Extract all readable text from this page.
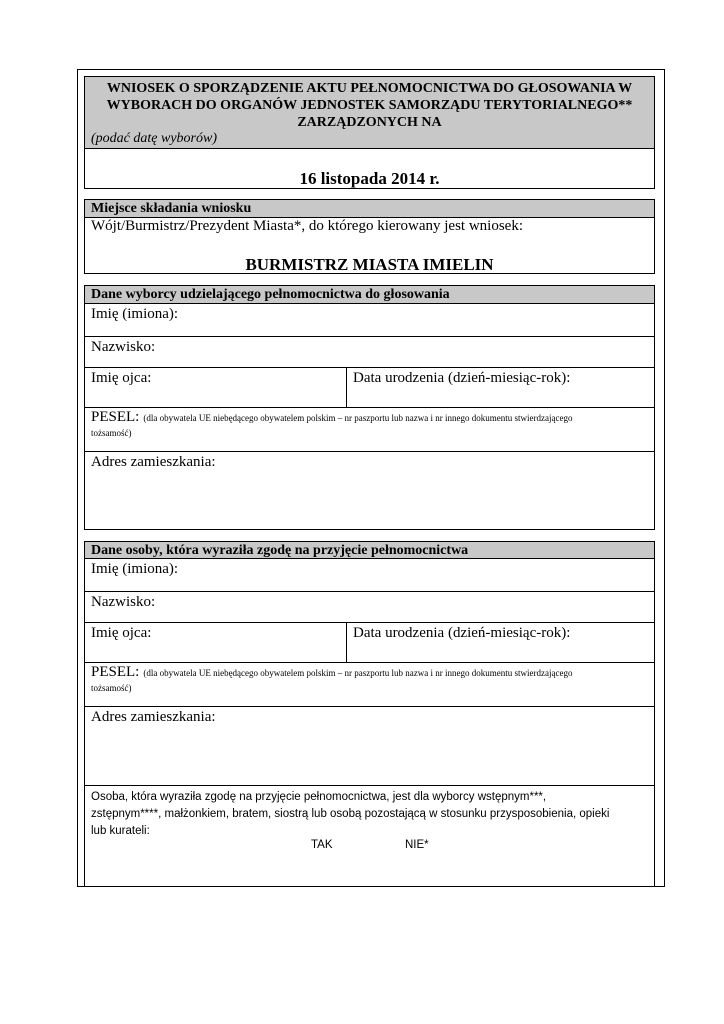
WNIOSEK O SPORZĄDZENIE AKTU PEŁNOMOCNICTWA DO GŁOSOWANIA W
WYBORACH DO ORGANÓW JEDNOSTEK SAMORZĄDU TERYTORIALNEGO**
ZARZĄDZONYCH NA
(podać datę wyborów)
16 listopada 2014 r.
Miejsce składania wniosku
Wójt/Burmistrz/Prezydent Miasta*, do którego kierowany jest wniosek:
BURMISTRZ MIASTA IMIELIN
Dane wyborcy udzielającego pełnomocnictwa do głosowania
Imię (imiona):
Nazwisko:
Imię ojca:	Data urodzenia (dzień-miesiąc-rok):
PESEL: (dla obywatela UE niebędącego obywatelem polskim – nr paszportu lub nazwa i nr innego dokumentu stwierdzającego
tożsamość)
Adres zamieszkania:
Dane osoby, która wyraziła zgodę na przyjęcie pełnomocnictwa
Imię (imiona):
Nazwisko:
Imię ojca:	Data urodzenia (dzień-miesiąc-rok):
PESEL: (dla obywatela UE niebędącego obywatelem polskim – nr paszportu lub nazwa i nr innego dokumentu stwierdzającego
tożsamość)
Adres zamieszkania:
Osoba, która wyraziła zgodę na przyjęcie pełnomocnictwa, jest dla wyborcy wstępnym***,
zstępnym****, małżonkiem, bratem, siostrą lub osobą pozostającą w stosunku przysposobienia, opieki
lub kurateli:
TAK	NIE*
